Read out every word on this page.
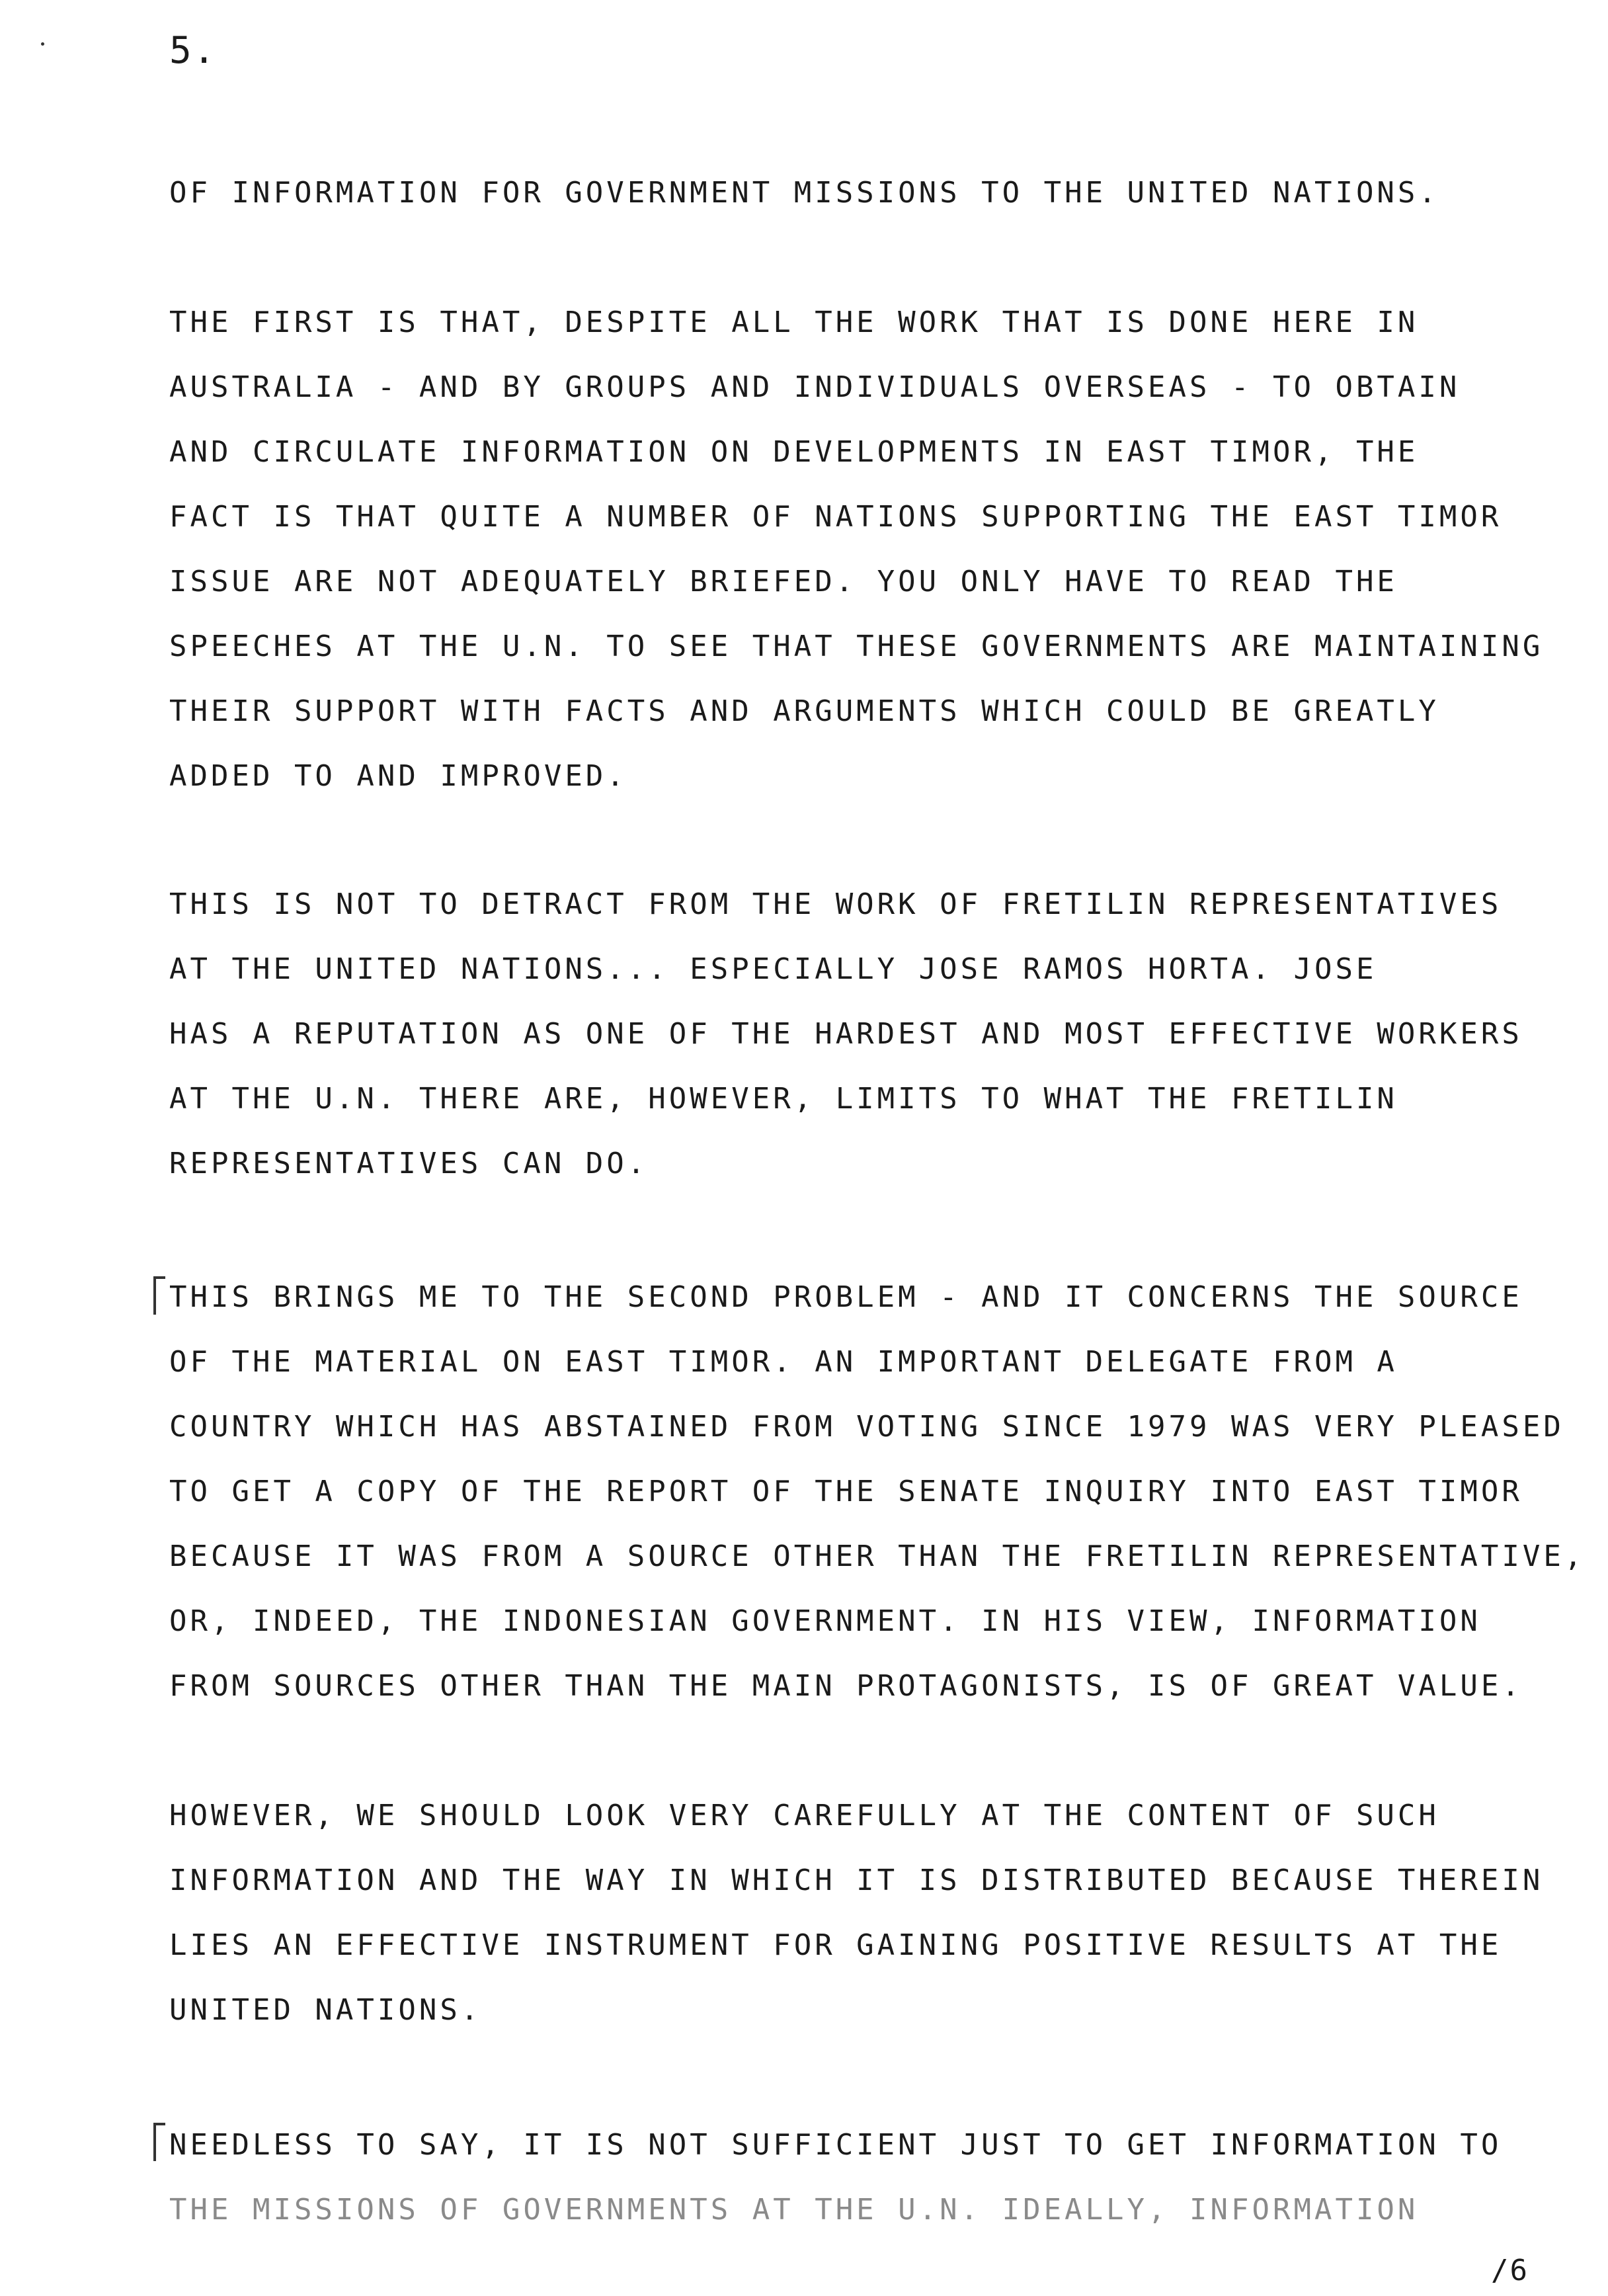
5.
OF INFORMATION FOR GOVERNMENT MISSIONS TO THE UNITED NATIONS.
THE FIRST IS THAT, DESPITE ALL THE WORK THAT IS DONE HERE IN
AUSTRALIA - AND BY GROUPS AND INDIVIDUALS OVERSEAS - TO OBTAIN
AND CIRCULATE INFORMATION ON DEVELOPMENTS IN EAST TIMOR, THE
FACT IS THAT QUITE A NUMBER OF NATIONS SUPPORTING THE EAST TIMOR
ISSUE ARE NOT ADEQUATELY BRIEFED. YOU ONLY HAVE TO READ THE
SPEECHES AT THE U.N. TO SEE THAT THESE GOVERNMENTS ARE MAINTAINING
THEIR SUPPORT WITH FACTS AND ARGUMENTS WHICH COULD BE GREATLY
ADDED TO AND IMPROVED.
THIS IS NOT TO DETRACT FROM THE WORK OF FRETILIN REPRESENTATIVES
AT THE UNITED NATIONS... ESPECIALLY JOSE RAMOS HORTA. JOSE
HAS A REPUTATION AS ONE OF THE HARDEST AND MOST EFFECTIVE WORKERS
AT THE U.N. THERE ARE, HOWEVER, LIMITS TO WHAT THE FRETILIN
REPRESENTATIVES CAN DO.
THIS BRINGS ME TO THE SECOND PROBLEM - AND IT CONCERNS THE SOURCE
OF THE MATERIAL ON EAST TIMOR. AN IMPORTANT DELEGATE FROM A
COUNTRY WHICH HAS ABSTAINED FROM VOTING SINCE 1979 WAS VERY PLEASED
TO GET A COPY OF THE REPORT OF THE SENATE INQUIRY INTO EAST TIMOR
BECAUSE IT WAS FROM A SOURCE OTHER THAN THE FRETILIN REPRESENTATIVE,
OR, INDEED, THE INDONESIAN GOVERNMENT. IN HIS VIEW, INFORMATION
FROM SOURCES OTHER THAN THE MAIN PROTAGONISTS, IS OF GREAT VALUE.
HOWEVER, WE SHOULD LOOK VERY CAREFULLY AT THE CONTENT OF SUCH
INFORMATION AND THE WAY IN WHICH IT IS DISTRIBUTED BECAUSE THEREIN
LIES AN EFFECTIVE INSTRUMENT FOR GAINING POSITIVE RESULTS AT THE
UNITED NATIONS.
NEEDLESS TO SAY, IT IS NOT SUFFICIENT JUST TO GET INFORMATION TO
THE MISSIONS OF GOVERNMENTS AT THE U.N. IDEALLY, INFORMATION
/6
